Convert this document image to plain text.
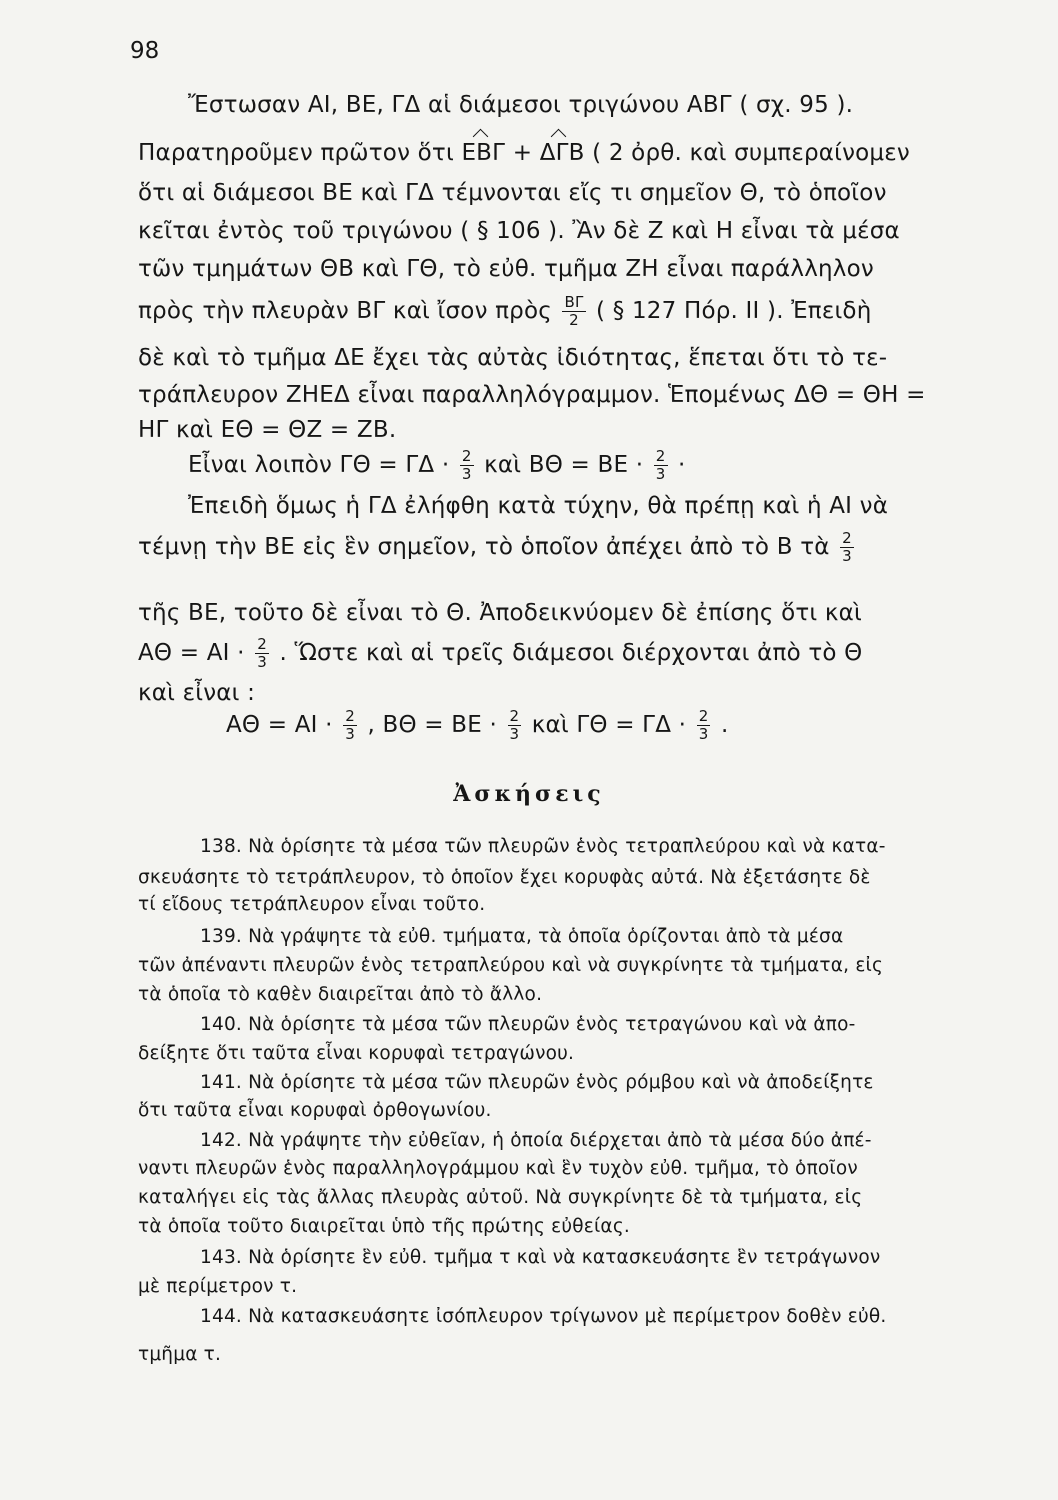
98
Ἔστωσαν ΑΙ, ΒΕ, ΓΔ αἱ διάμεσοι τριγώνου ΑΒΓ ( σχ. 95 ).
Παρατηροῦμεν πρῶτον ὅτι ΕΒΓ + ΔΓΒ ( 2 ὀρθ. καὶ συμπεραίνομεν
ὅτι αἱ διάμεσοι ΒΕ καὶ ΓΔ τέμνονται εἴς τι σημεῖον Θ, τὸ ὁποῖον
κεῖται ἐντὸς τοῦ τριγώνου ( § 106 ). Ἂν δὲ Ζ καὶ Η εἶναι τὰ μέσα
τῶν τμημάτων ΘΒ καὶ ΓΘ, τὸ εὐθ. τμῆμα ΖΗ εἶναι παράλληλον
πρὸς τὴν πλευρὰν ΒΓ καὶ ἴσον πρὸς $\frac{B\Gamma}{2}$ ( § 127 Πόρ. ΙΙ ). Ἐπειδὴ
δὲ καὶ τὸ τμῆμα ΔΕ ἔχει τὰς αὐτὰς ἰδιότητας, ἕπεται ὅτι τὸ τε-
τράπλευρον ΖΗΕΔ εἶναι παραλληλόγραμμον. Ἑπομένως ΔΘ = ΘΗ =
ΗΓ καὶ ΕΘ = ΘΖ = ΖΒ.
Εἶναι λοιπὸν $\Gamma\Theta = \Gamma\Delta \cdot \frac{2}{3}$ καὶ $B\Theta = BE \cdot \frac{2}{3}$ ·
Ἐπειδὴ ὅμως ἡ ΓΔ ἐλήφθη κατὰ τύχην, θὰ πρέπῃ καὶ ἡ ΑΙ νὰ
τέμνῃ τὴν ΒΕ εἰς ἓν σημεῖον, τὸ ὁποῖον ἀπέχει ἀπὸ τὸ Β τὰ $\frac{2}{3}$
τῆς ΒΕ, τοῦτο δὲ εἶναι τὸ Θ. Ἀποδεικνύομεν δὲ ἐπίσης ὅτι καὶ
$A\Theta = AI \cdot \frac{2}{3}$ . Ὥστε καὶ αἱ τρεῖς διάμεσοι διέρχονται ἀπὸ τὸ Θ
καὶ εἶναι :
$A\Theta = AI \cdot \frac{2}{3}$ , $B\Theta = BE \cdot \frac{2}{3}$ καὶ $\Gamma\Theta = \Gamma\Delta \cdot \frac{2}{3}$ .
Ἀσκήσεις
138. Νὰ ὁρίσητε τὰ μέσα τῶν πλευρῶν ἑνὸς τετραπλεύρου καὶ νὰ κατα-
σκευάσητε τὸ τετράπλευρον, τὸ ὁποῖον ἔχει κορυφὰς αὐτά. Νὰ ἐξετάσητε δὲ
τί εἴδους τετράπλευρον εἶναι τοῦτο.
139. Νὰ γράψητε τὰ εὐθ. τμήματα, τὰ ὁποῖα ὁρίζονται ἀπὸ τὰ μέσα
τῶν ἀπέναντι πλευρῶν ἑνὸς τετραπλεύρου καὶ νὰ συγκρίνητε τὰ τμήματα, εἰς
τὰ ὁποῖα τὸ καθὲν διαιρεῖται ἀπὸ τὸ ἄλλο.
140. Νὰ ὁρίσητε τὰ μέσα τῶν πλευρῶν ἑνὸς τετραγώνου καὶ νὰ ἀπο-
δείξητε ὅτι ταῦτα εἶναι κορυφαὶ τετραγώνου.
141. Νὰ ὁρίσητε τὰ μέσα τῶν πλευρῶν ἑνὸς ρόμβου καὶ νὰ ἀποδείξητε
ὅτι ταῦτα εἶναι κορυφαὶ ὀρθογωνίου.
142. Νὰ γράψητε τὴν εὐθεῖαν, ἡ ὁποία διέρχεται ἀπὸ τὰ μέσα δύο ἀπέ-
ναντι πλευρῶν ἑνὸς παραλληλογράμμου καὶ ἓν τυχὸν εὐθ. τμῆμα, τὸ ὁποῖον
καταλήγει εἰς τὰς ἄλλας πλευρὰς αὐτοῦ. Νὰ συγκρίνητε δὲ τὰ τμήματα, εἰς
τὰ ὁποῖα τοῦτο διαιρεῖται ὑπὸ τῆς πρώτης εὐθείας.
143. Νὰ ὁρίσητε ἓν εὐθ. τμῆμα τ καὶ νὰ κατασκευάσητε ἓν τετράγωνον
μὲ περίμετρον τ.
144. Νὰ κατασκευάσητε ἰσόπλευρον τρίγωνον μὲ περίμετρον δοθὲν εὐθ.
τμῆμα τ.
